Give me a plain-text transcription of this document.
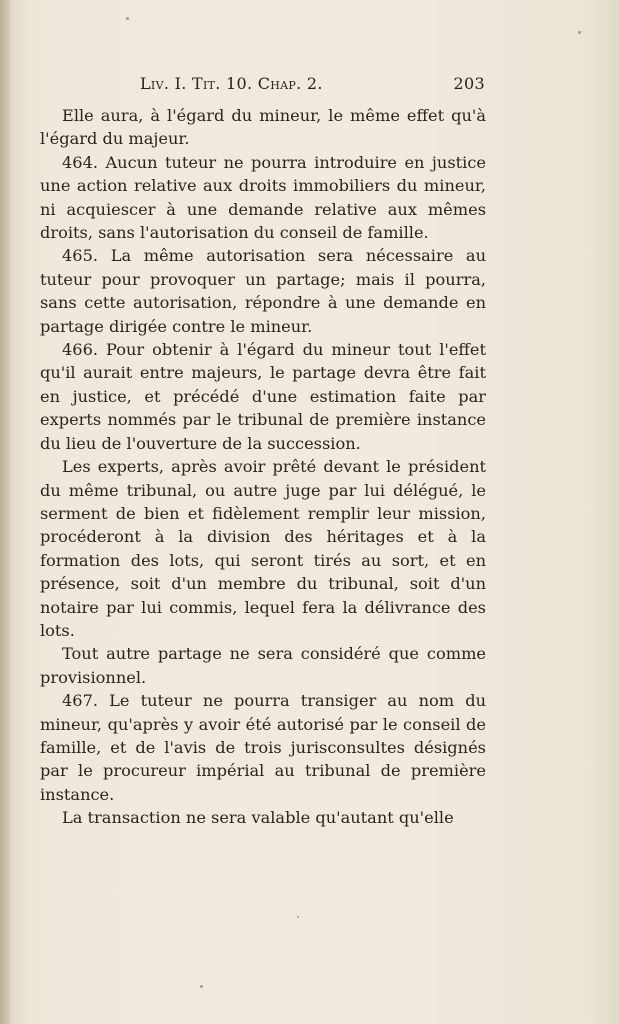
Liv. I. Tit. 10. Chap. 2.	203

Elle aura, à l'égard du mineur, le même effet qu'à l'égard du majeur.

464. Aucun tuteur ne pourra introduire en justice une action relative aux droits immobiliers du mineur, ni acquiescer à une demande relative aux mêmes droits, sans l'autorisation du conseil de famille.

465. La même autorisation sera nécessaire au tuteur pour provoquer un partage; mais il pourra, sans cette autorisation, répondre à une demande en partage dirigée contre le mineur.

466. Pour obtenir à l'égard du mineur tout l'effet qu'il aurait entre majeurs, le partage devra être fait en justice, et précédé d'une estimation faite par experts nommés par le tribunal de première instance du lieu de l'ouverture de la succession.

Les experts, après avoir prêté devant le président du même tribunal, ou autre juge par lui délégué, le serment de bien et fidèlement remplir leur mission, procéderont à la division des héritages et à la formation des lots, qui seront tirés au sort, et en présence, soit d'un membre du tribunal, soit d'un notaire par lui commis, lequel fera la délivrance des lots.

Tout autre partage ne sera considéré que comme provisionnel.

467. Le tuteur ne pourra transiger au nom du mineur, qu'après y avoir été autorisé par le conseil de famille, et de l'avis de trois jurisconsultes désignés par le procureur impérial au tribunal de première instance.

La transaction ne sera valable qu'autant qu'elle
